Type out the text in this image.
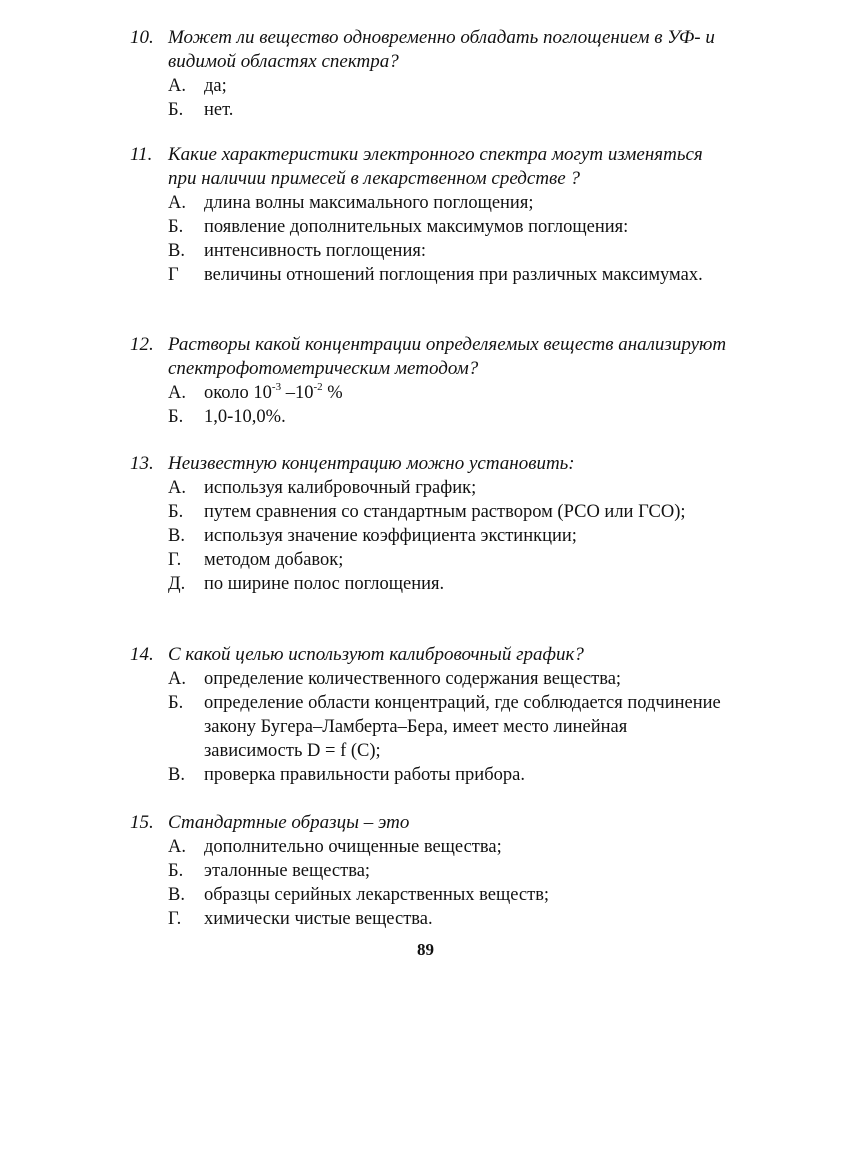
10. Может ли вещество одновременно обладать поглощением в УФ- и видимой областях спектра?
А. да;
Б.	нет.
11. Какие характеристики электронного спектра могут изменяться при наличии примесей в лекарственном средстве ?
А. длина волны максимального поглощения;
Б.	появление дополнительных максимумов поглощения:
В.	интенсивность поглощения:
Г	величины отношений поглощения при различных максимумах.
12. Растворы какой концентрации определяемых веществ анализируют спектрофотометрическим методом?
А. около $10^{-3}$ $-10^{-2}$ %
Б.	1,0-10,0%.
13. Неизвестную концентрацию можно установить:
А. используя калибровочный график;
Б.	путем сравнения со стандартным раствором (РСО или ГСО);
В.	используя значение коэффициента экстинкции;
Г.	методом добавок;
Д.	по ширине полос поглощения.
14. С какой целью используют калибровочный график?
А. определение количественного содержания вещества;
Б.	определение области концентраций, где соблюдается подчинение закону Бугера–Ламберта–Бера, имеет место линейная зависимость D = f (C);
В.	проверка правильности работы прибора.
15. Стандартные образцы – это
А. дополнительно очищенные вещества;
Б.	эталонные вещества;
В.	образцы серийных лекарственных веществ;
Г.	химически чистые вещества.
89
